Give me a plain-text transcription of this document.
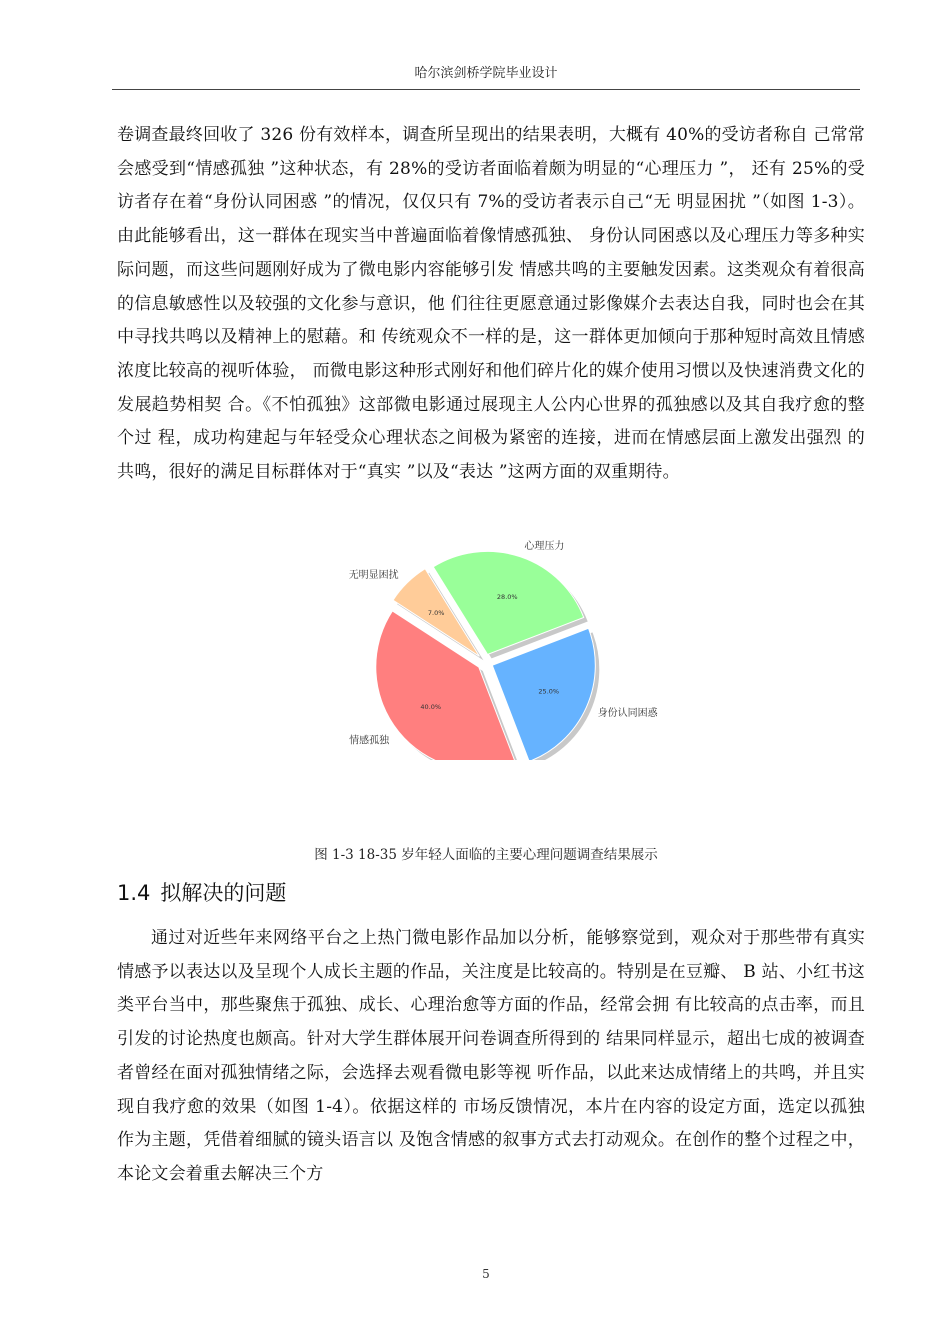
哈尔滨剑桥学院毕业设计

卷调查最终回收了 326 份有效样本，调查所呈现出的结果表明，大概有 40%的受访者称自 己常常会感受到“情感孤独 ”这种状态，有 28%的受访者面临着颇为明显的“心理压力 ”， 还有 25%的受访者存在着“身份认同困惑 ”的情况，仅仅只有 7%的受访者表示自己“无 明显困扰 ”（如图 1-3）。由此能够看出，这一群体在现实当中普遍面临着像情感孤独、 身份认同困惑以及心理压力等多种实际问题，而这些问题刚好成为了微电影内容能够引发 情感共鸣的主要触发因素。这类观众有着很高的信息敏感性以及较强的文化参与意识，他 们往往更愿意通过影像媒介去表达自我，同时也会在其中寻找共鸣以及精神上的慰藉。和 传统观众不一样的是，这一群体更加倾向于那种短时高效且情感浓度比较高的视听体验， 而微电影这种形式刚好和他们碎片化的媒介使用习惯以及快速消费文化的发展趋势相契 合。《不怕孤独》这部微电影通过展现主人公内心世界的孤独感以及其自我疗愈的整个过 程，成功构建起与年轻受众心理状态之间极为紧密的连接，进而在情感层面上激发出强烈 的共鸣，很好的满足目标群体对于“真实 ”以及“表达 ”这两方面的双重期待。

40.0%
情感孤独
25.0%
身份认同困惑
28.0%
心理压力
7.0%
无明显困扰
图 1-3 18-35 岁年轻人面临的主要心理问题调查结果展示
1.4 拟解决的问题

通过对近些年来网络平台之上热门微电影作品加以分析，能够察觉到，观众对于那些带有真实情感予以表达以及呈现个人成长主题的作品，关注度是比较高的。特别是在豆瓣、 B 站、小红书这类平台当中，那些聚焦于孤独、成长、心理治愈等方面的作品，经常会拥 有比较高的点击率，而且引发的讨论热度也颇高。针对大学生群体展开问卷调查所得到的 结果同样显示，超出七成的被调查者曾经在面对孤独情绪之际，会选择去观看微电影等视 听作品，以此来达成情绪上的共鸣，并且实现自我疗愈的效果（如图 1-4）。依据这样的 市场反馈情况，本片在内容的设定方面，选定以孤独作为主题，凭借着细腻的镜头语言以 及饱含情感的叙事方式去打动观众。在创作的整个过程之中，本论文会着重去解决三个方

5
